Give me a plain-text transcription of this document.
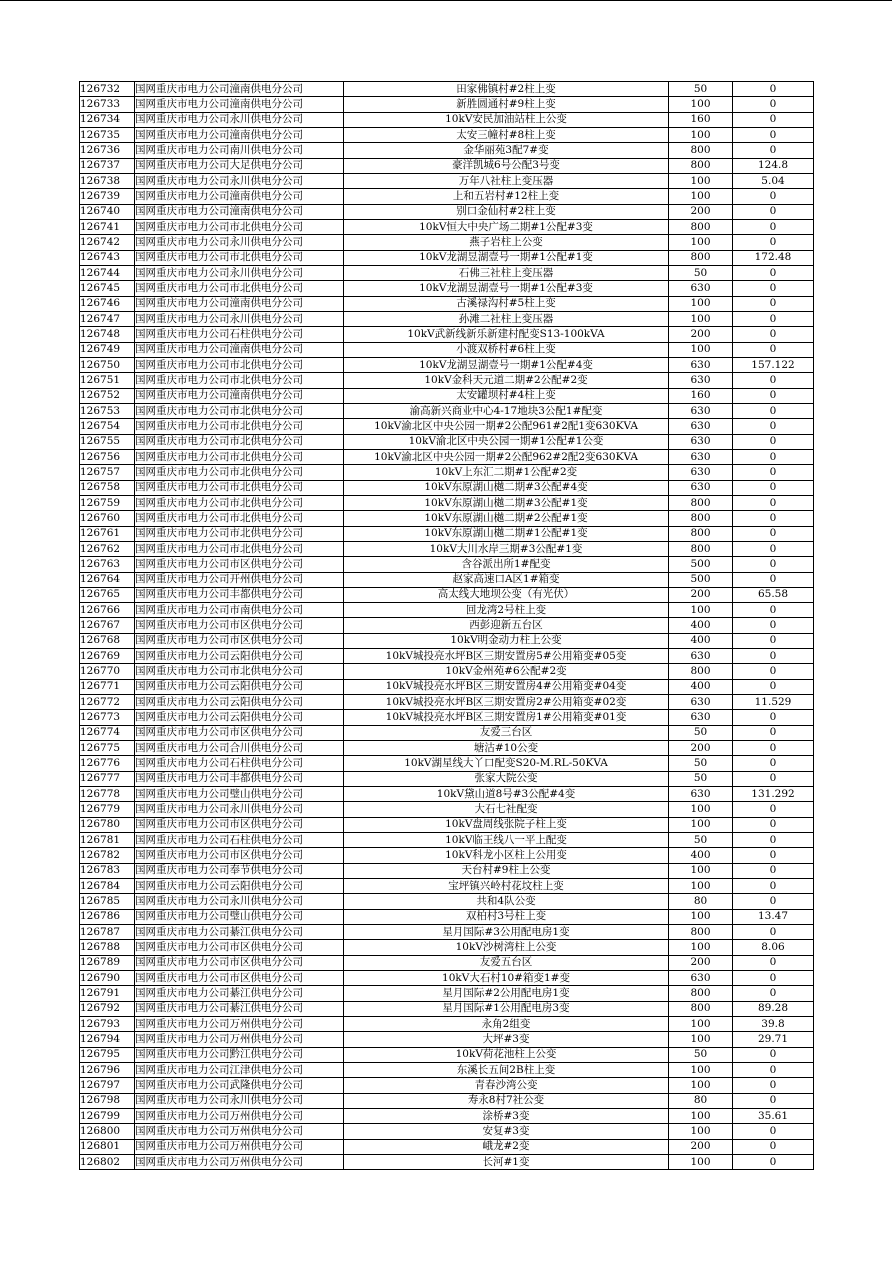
126732	国网重庆市电力公司潼南供电分公司	田家佛镇村#2柱上变	50	0
126733	国网重庆市电力公司潼南供电分公司	新胜圆通村#9柱上变	100	0
126734	国网重庆市电力公司永川供电分公司	10kV安民加油站柱上公变	160	0
126735	国网重庆市电力公司潼南供电分公司	太安三幢村#8柱上变	100	0
126736	国网重庆市电力公司南川供电分公司	金华丽苑3配7#变	800	0
126737	国网重庆市电力公司大足供电分公司	豪洋凯城6号公配3号变	800	124.8
126738	国网重庆市电力公司永川供电分公司	万年八社柱上变压器	100	5.04
126739	国网重庆市电力公司潼南供电分公司	上和五岩村#12柱上变	100	0
126740	国网重庆市电力公司潼南供电分公司	别口金仙村#2柱上变	200	0
126741	国网重庆市电力公司市北供电分公司	10kV恒大中央广场二期#1公配#3变	800	0
126742	国网重庆市电力公司永川供电分公司	燕子岩柱上公变	100	0
126743	国网重庆市电力公司市北供电分公司	10kV龙湖昱湖壹号一期#1公配#1变	800	172.48
126744	国网重庆市电力公司永川供电分公司	石佛三社柱上变压器	50	0
126745	国网重庆市电力公司市北供电分公司	10kV龙湖昱湖壹号一期#1公配#3变	630	0
126746	国网重庆市电力公司潼南供电分公司	古溪禄沟村#5柱上变	100	0
126747	国网重庆市电力公司永川供电分公司	孙滩二社柱上变压器	100	0
126748	国网重庆市电力公司石柱供电分公司	10kV武新线新乐新建村配变S13-100kVA	200	0
126749	国网重庆市电力公司潼南供电分公司	小渡双桥村#6柱上变	100	0
126750	国网重庆市电力公司市北供电分公司	10kV龙湖昱湖壹号一期#1公配#4变	630	157.122
126751	国网重庆市电力公司市北供电分公司	10kV金科天元道二期#2公配#2变	630	0
126752	国网重庆市电力公司潼南供电分公司	太安罐坝村#4柱上变	160	0
126753	国网重庆市电力公司市北供电分公司	渝高新兴商业中心4-17地块3公配1#配变	630	0
126754	国网重庆市电力公司市北供电分公司	10kV渝北区中央公园一期#2公配961#2配1变630KVA	630	0
126755	国网重庆市电力公司市北供电分公司	10kV渝北区中央公园一期#1公配#1公变	630	0
126756	国网重庆市电力公司市北供电分公司	10kV渝北区中央公园一期#2公配962#2配2变630KVA	630	0
126757	国网重庆市电力公司市北供电分公司	10kV上东汇二期#1公配#2变	630	0
126758	国网重庆市电力公司市北供电分公司	10kV东原湖山樾二期#3公配#4变	630	0
126759	国网重庆市电力公司市北供电分公司	10kV东原湖山樾二期#3公配#1变	800	0
126760	国网重庆市电力公司市北供电分公司	10kV东原湖山樾二期#2公配#1变	800	0
126761	国网重庆市电力公司市北供电分公司	10kV东原湖山樾二期#1公配#1变	800	0
126762	国网重庆市电力公司市北供电分公司	10kV大川水岸三期#3公配#1变	800	0
126763	国网重庆市电力公司市区供电分公司	含谷派出所1#配变	500	0
126764	国网重庆市电力公司开州供电分公司	赵家高速口A区1#箱变	500	0
126765	国网重庆市电力公司丰都供电分公司	高太线大地坝公变（有光伏）	200	65.58
126766	国网重庆市电力公司市南供电分公司	回龙湾2号柱上变	100	0
126767	国网重庆市电力公司市区供电分公司	西彭迎新五台区	400	0
126768	国网重庆市电力公司市区供电分公司	10kV明金动力柱上公变	400	0
126769	国网重庆市电力公司云阳供电分公司	10kV城投亮水坪B区三期安置房5#公用箱变#05变	630	0
126770	国网重庆市电力公司市北供电分公司	10kV金州苑#6公配#2变	800	0
126771	国网重庆市电力公司云阳供电分公司	10kV城投亮水坪B区三期安置房4#公用箱变#04变	400	0
126772	国网重庆市电力公司云阳供电分公司	10kV城投亮水坪B区三期安置房2#公用箱变#02变	630	11.529
126773	国网重庆市电力公司云阳供电分公司	10kV城投亮水坪B区三期安置房1#公用箱变#01变	630	0
126774	国网重庆市电力公司市区供电分公司	友爱三台区	50	0
126775	国网重庆市电力公司合川供电分公司	塘沽#10公变	200	0
126776	国网重庆市电力公司石柱供电分公司	10kV湖星线大丫口配变S20-M.RL-50KVA	50	0
126777	国网重庆市电力公司丰都供电分公司	张家大院公变	50	0
126778	国网重庆市电力公司璧山供电分公司	10kV黛山道8号#3公配#4变	630	131.292
126779	国网重庆市电力公司永川供电分公司	大石七社配变	100	0
126780	国网重庆市电力公司市区供电分公司	10kV盘周线张院子柱上变	100	0
126781	国网重庆市电力公司石柱供电分公司	10kV临王线八一平上配变	50	0
126782	国网重庆市电力公司市区供电分公司	10kV科龙小区柱上公用变	400	0
126783	国网重庆市电力公司奉节供电分公司	天台村#9柱上公变	100	0
126784	国网重庆市电力公司云阳供电分公司	宝坪镇兴岭村花坟柱上变	100	0
126785	国网重庆市电力公司永川供电分公司	共和4队公变	80	0
126786	国网重庆市电力公司璧山供电分公司	双柏村3号柱上变	100	13.47
126787	国网重庆市电力公司綦江供电分公司	星月国际#3公用配电房1变	800	0
126788	国网重庆市电力公司市区供电分公司	10kV沙树湾柱上公变	100	8.06
126789	国网重庆市电力公司市区供电分公司	友爱五台区	200	0
126790	国网重庆市电力公司市区供电分公司	10kV大石村10#箱变1#变	630	0
126791	国网重庆市电力公司綦江供电分公司	星月国际#2公用配电房1变	800	0
126792	国网重庆市电力公司綦江供电分公司	星月国际#1公用配电房3变	800	89.28
126793	国网重庆市电力公司万州供电分公司	永角2组变	100	39.8
126794	国网重庆市电力公司万州供电分公司	大坪#3变	100	29.71
126795	国网重庆市电力公司黔江供电分公司	10kV荷花池柱上公变	50	0
126796	国网重庆市电力公司江津供电分公司	东溪长五间2B柱上变	100	0
126797	国网重庆市电力公司武隆供电分公司	青春沙湾公变	100	0
126798	国网重庆市电力公司永川供电分公司	寿永8村7社公变	80	0
126799	国网重庆市电力公司万州供电分公司	涂桥#3变	100	35.61
126800	国网重庆市电力公司万州供电分公司	安复#3变	100	0
126801	国网重庆市电力公司万州供电分公司	峨龙#2变	200	0
126802	国网重庆市电力公司万州供电分公司	长河#1变	100	0
